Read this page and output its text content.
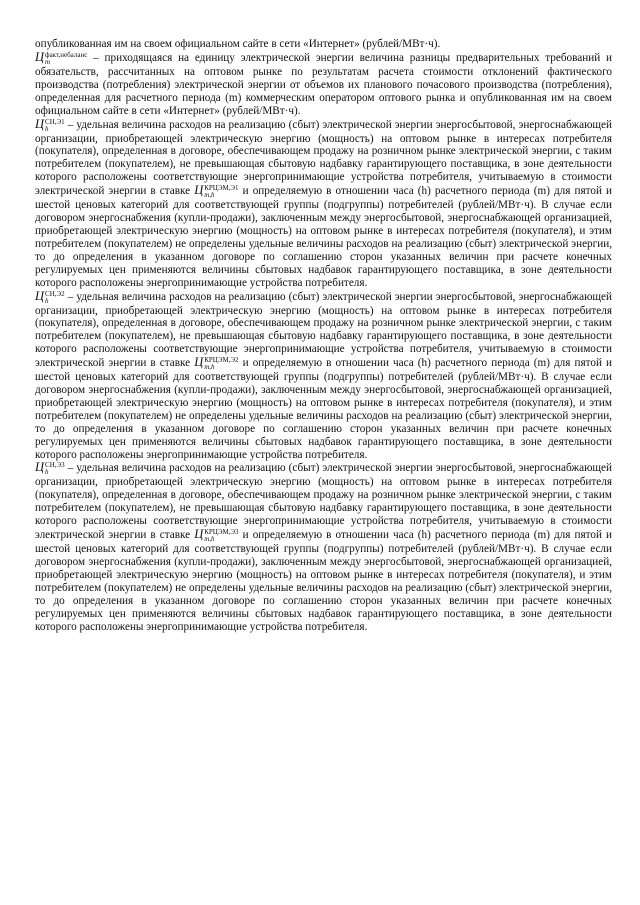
опубликованная им на своем официальном сайте в сети «Интернет» (рублей/МВт·ч).

Ц факт,небаланс
m	– приходящаяся на единицу электрической энергии величина разницы предварительных требований и обязательств, рассчитанных на оптовом рынке по результатам расчета стоимости отклонений фактического производства (потребления) электрической энергии от объемов их планового почасового производства (потребления), определенная для расчетного периода (m) коммерческим оператором оптового рынка и опубликованная им на своем официальном сайте в сети «Интернет» (рублей/МВт·ч).

Ц СН,Э1
h	– удельная величина расходов на реализацию (сбыт) электрической энергии энергосбытовой, энергоснабжающей организации, приобретающей электрическую энергию (мощность) на оптовом рынке в интересах потребителя (покупателя), определенная в договоре, обеспечивающем продажу на розничном рынке электрической энергии, с таким потребителем (покупателем), не превышающая сбытовую надбавку гарантирующего поставщика, в зоне деятельности которого расположены соответствующие энергопринимающие устройства потребителя, учитываемую в стоимости электрической энергии в ставке Ц КРЦЭМ,Э1
m,h	и определяемую в отношении часа (h) расчетного периода (m) для пятой и шестой ценовых категорий для соответствующей группы (подгруппы) потребителей (рублей/МВт·ч). В случае если договором энергоснабжения (купли-продажи), заключенным между энергосбытовой, энергоснабжающей организацией, приобретающей электрическую энергию (мощность) на оптовом рынке в интересах потребителя (покупателя), и этим потребителем (покупателем) не определены удельные величины расходов на реализацию (сбыт) электрической энергии, то до определения в указанном договоре по соглашению сторон указанных величин при расчете конечных регулируемых цен применяются величины сбытовых надбавок гарантирующего поставщика, в зоне деятельности которого расположены энергопринимающие устройства потребителя.

Ц СН,Э2
h	– удельная величина расходов на реализацию (сбыт) электрической энергии энергосбытовой, энергоснабжающей организации, приобретающей электрическую энергию (мощность) на оптовом рынке в интересах потребителя (покупателя), определенная в договоре, обеспечивающем продажу на розничном рынке электрической энергии, с таким потребителем (покупателем), не превышающая сбытовую надбавку гарантирующего поставщика, в зоне деятельности которого расположены соответствующие энергопринимающие устройства потребителя, учитываемую в стоимости электрической энергии в ставке Ц КРЦЭМ,Э2
m,h	и определяемую в отношении часа (h) расчетного периода (m) для пятой и шестой ценовых категорий для соответствующей группы (подгруппы) потребителей (рублей/МВт·ч). В случае если договором энергоснабжения (купли-продажи), заключенным между энергосбытовой, энергоснабжающей организацией, приобретающей электрическую энергию (мощность) на оптовом рынке в интересах потребителя (покупателя), и этим потребителем (покупателем) не определены удельные величины расходов на реализацию (сбыт) электрической энергии, то до определения в указанном договоре по соглашению сторон указанных величин при расчете конечных регулируемых цен применяются величины сбытовых надбавок гарантирующего поставщика, в зоне деятельности которого расположены энергопринимающие устройства потребителя.

Ц СН,Э3
h	– удельная величина расходов на реализацию (сбыт) электрической энергии энергосбытовой, энергоснабжающей организации, приобретающей электрическую энергию (мощность) на оптовом рынке в интересах потребителя (покупателя), определенная в договоре, обеспечивающем продажу на розничном рынке электрической энергии, с таким потребителем (покупателем), не превышающая сбытовую надбавку гарантирующего поставщика, в зоне деятельности которого расположены соответствующие энергопринимающие устройства потребителя, учитываемую в стоимости электрической энергии в ставке Ц КРЦЭМ,Э3
m,h	и определяемую в отношении часа (h) расчетного периода (m) для пятой и шестой ценовых категорий для соответствующей группы (подгруппы) потребителей (рублей/МВт·ч). В случае если договором энергоснабжения (купли-продажи), заключенным между энергосбытовой, энергоснабжающей организацией, приобретающей электрическую энергию (мощность) на оптовом рынке в интересах потребителя (покупателя), и этим потребителем (покупателем) не определены удельные величины расходов на реализацию (сбыт) электрической энергии, то до определения в указанном договоре по соглашению сторон указанных величин при расчете конечных регулируемых цен применяются величины сбытовых надбавок гарантирующего поставщика, в зоне деятельности которого расположены энергопринимающие устройства потребителя.
